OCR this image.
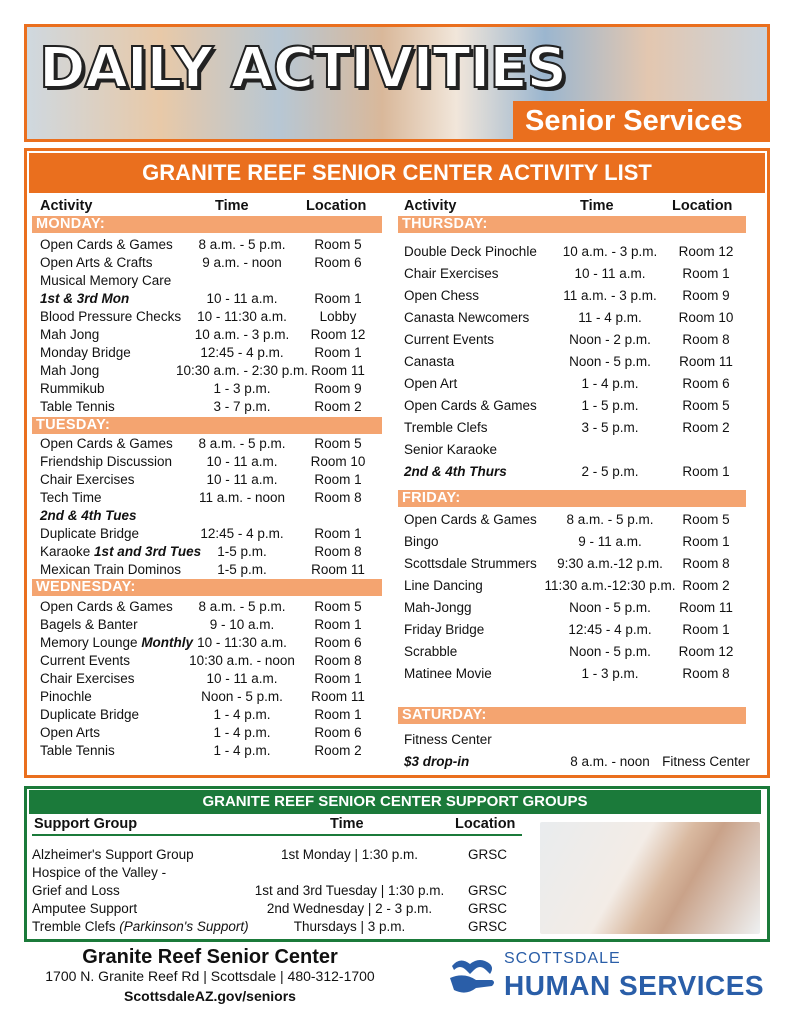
DAILY ACTIVITIES
Senior Services
GRANITE REEF SENIOR CENTER ACTIVITY LIST
Activity	Time	Location	Activity	Time	Location
MONDAY:
Open Cards & Games	8 a.m. - 5 p.m.	Room 5
Open Arts & Crafts	9 a.m. - noon	Room 6
Musical Memory Care
1st & 3rd Mon	10 - 11 a.m.	Room 1
Blood Pressure Checks	10 - 11:30 a.m.	Lobby
Mah Jong	10 a.m. - 3 p.m.	Room 12
Monday Bridge	12:45 - 4 p.m.	Room 1
Mah Jong	10:30 a.m. - 2:30 p.m. Room 11
Rummikub	1 - 3 p.m.	Room 9
Table Tennis	3 - 7 p.m.	Room 2
TUESDAY:
Open Cards & Games	8 a.m. - 5 p.m.	Room 5
Friendship Discussion	10 - 11 a.m.	Room 10
Chair Exercises	10 - 11 a.m.	Room 1
Tech Time	11 a.m. - noon	Room 8
2nd & 4th Tues
Duplicate Bridge	12:45 - 4 p.m.	Room 1
Karaoke 1st and 3rd Tues	1-5 p.m.	Room 8
Mexican Train Dominos	1-5 p.m.	Room 11
WEDNESDAY:
Open Cards & Games	8 a.m. - 5 p.m.	Room 5
Bagels & Banter	9 - 10 a.m.	Room 1
Memory Lounge Monthly 10 - 11:30 a.m.	Room 6
Current Events	10:30 a.m. - noon	Room 8
Chair Exercises	10 - 11 a.m.	Room 1
Pinochle	Noon - 5 p.m.	Room 11
Duplicate Bridge	1 - 4 p.m.	Room 1
Open Arts	1 - 4 p.m.	Room 6
Table Tennis	1 - 4 p.m.	Room 2
THURSDAY:
Double Deck Pinochle	10 a.m. - 3 p.m.	Room 12
Chair Exercises	10 - 11 a.m.	Room 1
Open Chess	11 a.m. - 3 p.m.	Room 9
Canasta Newcomers	11 - 4 p.m.	Room 10
Current Events	Noon - 2 p.m.	Room 8
Canasta	Noon - 5 p.m.	Room 11
Open Art	1 - 4 p.m.	Room 6
Open Cards & Games	1 - 5 p.m.	Room 5
Tremble Clefs	3 - 5 p.m.	Room 2
Senior Karaoke
2nd & 4th Thurs	2 - 5 p.m.	Room 1
FRIDAY:
Open Cards & Games	8 a.m. - 5 p.m.	Room 5
Bingo	9 - 11 a.m.	Room 1
Scottsdale Strummers	9:30 a.m.-12 p.m.	Room 8
Line Dancing	11:30 a.m.-12:30 p.m. Room 2
Mah-Jongg	Noon - 5 p.m.	Room 11
Friday Bridge	12:45 - 4 p.m.	Room 1
Scrabble	Noon - 5 p.m.	Room 12
Matinee Movie	1 - 3 p.m.	Room 8
SATURDAY:
Fitness Center
$3 drop-in	8 a.m. - noon Fitness Center
GRANITE REEF SENIOR CENTER SUPPORT GROUPS
Support Group	Time	Location
Alzheimer's Support Group	1st Monday | 1:30 p.m.	GRSC
Hospice of the Valley -
Grief and Loss	1st and 3rd Tuesday | 1:30 p.m.	GRSC
Amputee Support	2nd Wednesday | 2 - 3 p.m.	GRSC
Tremble Clefs (Parkinson's Support)	Thursdays | 3 p.m.	GRSC
Granite Reef Senior Center
1700 N. Granite Reef Rd | Scottsdale | 480-312-1700
ScottsdaleAZ.gov/seniors
SCOTTSDALE
HUMAN SERVICES
